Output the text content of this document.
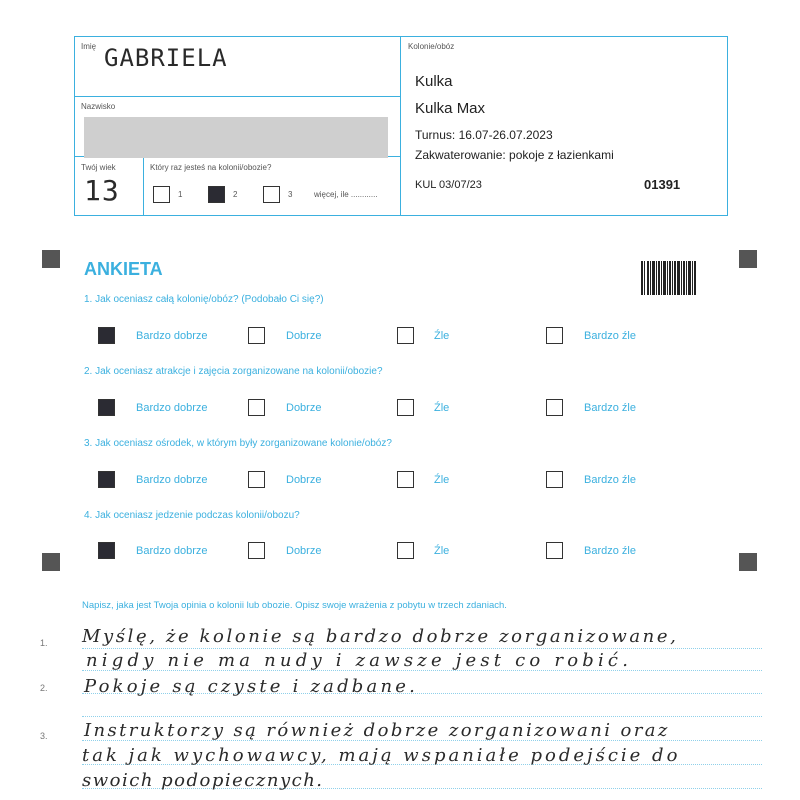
Imię GABRIELA
Nazwisko
Twój wiek
13
Który raz jesteś na kolonii/obozie?
1	2	3	więcej, ile ............
Kolonie/obóz
Kulka
Kulka Max
Turnus: 16.07-26.07.2023
Zakwaterowanie: pokoje z łazienkami
KUL 03/07/23	01391
ANKIETA
1. Jak oceniasz całą kolonię/obóz? (Podobało Ci się?)
Bardzo dobrze	Dobrze	Źle	Bardzo źle
2. Jak oceniasz atrakcje i zajęcia zorganizowane na kolonii/obozie?
Bardzo dobrze	Dobrze	Źle	Bardzo źle
3. Jak oceniasz ośrodek, w którym były zorganizowane kolonie/obóz?
Bardzo dobrze	Dobrze	Źle	Bardzo źle
4. Jak oceniasz jedzenie podczas kolonii/obozu?
Bardzo dobrze	Dobrze	Źle	Bardzo źle
Napisz, jaka jest Twoja opinia o kolonii lub obozie. Opisz swoje wrażenia z pobytu w trzech zdaniach.
1.
2.
3.
Myślę, że kolonie są bardzo dobrze zorganizowane,
nigdy nie ma nudy i zawsze jest co robić.
Pokoje są czyste i zadbane.
Instruktorzy są również dobrze zorganizowani oraz
tak jak wychowawcy, mają wspaniałe podejście do
swoich podopiecznych.
